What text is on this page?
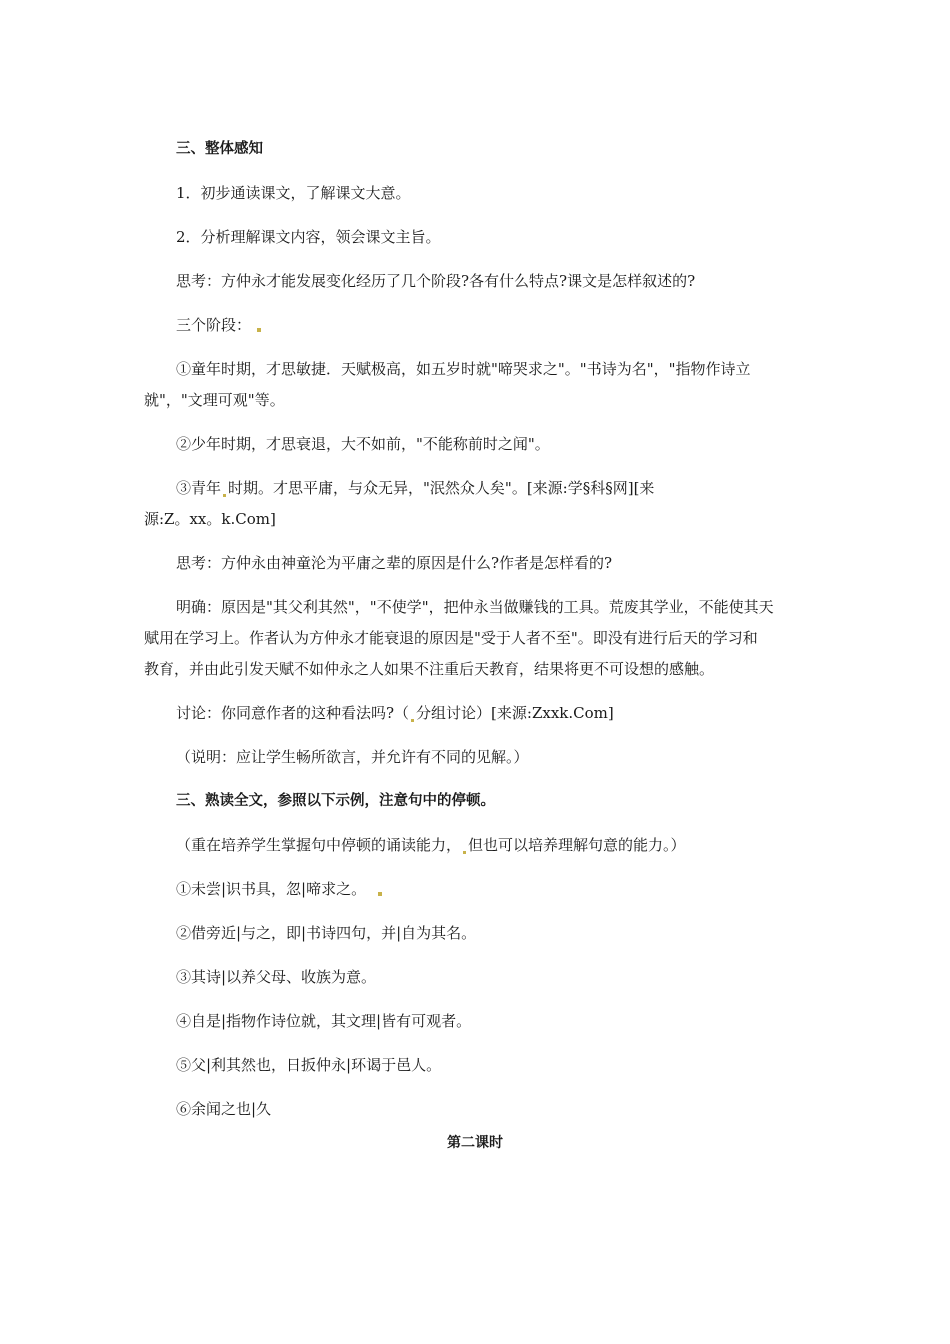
三、整体感知
1．初步通读课文，了解课文大意。
2．分析理解课文内容，领会课文主旨。
思考：方仲永才能发展变化经历了几个阶段?各有什么特点?课文是怎样叙述的?
三个阶段：
①童年时期，才思敏捷．天赋极高，如五岁时就"啼哭求之"。"书诗为名"，"指物作诗立
就"，"文理可观"等。
②少年时期，才思衰退，大不如前，"不能称前时之闻"。
③青年 时期。才思平庸，与众无异，"泯然众人矣"。[来源:学§科§网][来
源:Z。xx。k.Com]
思考：方仲永由神童沦为平庸之辈的原因是什么?作者是怎样看的?
明确：原因是"其父利其然"，"不使学"，把仲永当做赚钱的工具。荒废其学业，不能使其天
赋用在学习上。作者认为方仲永才能衰退的原因是"受于人者不至"。即没有进行后天的学习和
教育，并由此引发天赋不如仲永之人如果不注重后天教育，结果将更不可设想的感触。
讨论：你同意作者的这种看法吗?（ 分组讨论）[来源:Zxxk.Com]
（说明：应让学生畅所欲言，并允许有不同的见解。）
三、熟读全文，参照以下示例，注意句中的停顿。
（重在培养学生掌握句中停顿的诵读能力， 但也可以培养理解句意的能力。）
①未尝|识书具，忽|啼求之。
②借旁近|与之，即|书诗四句，并|自为其名。
③其诗|以养父母、收族为意。
④自是|指物作诗位就，其文理|皆有可观者。
⑤父|利其然也，日扳仲永|环谒于邑人。
⑥余闻之也|久
第二课时
